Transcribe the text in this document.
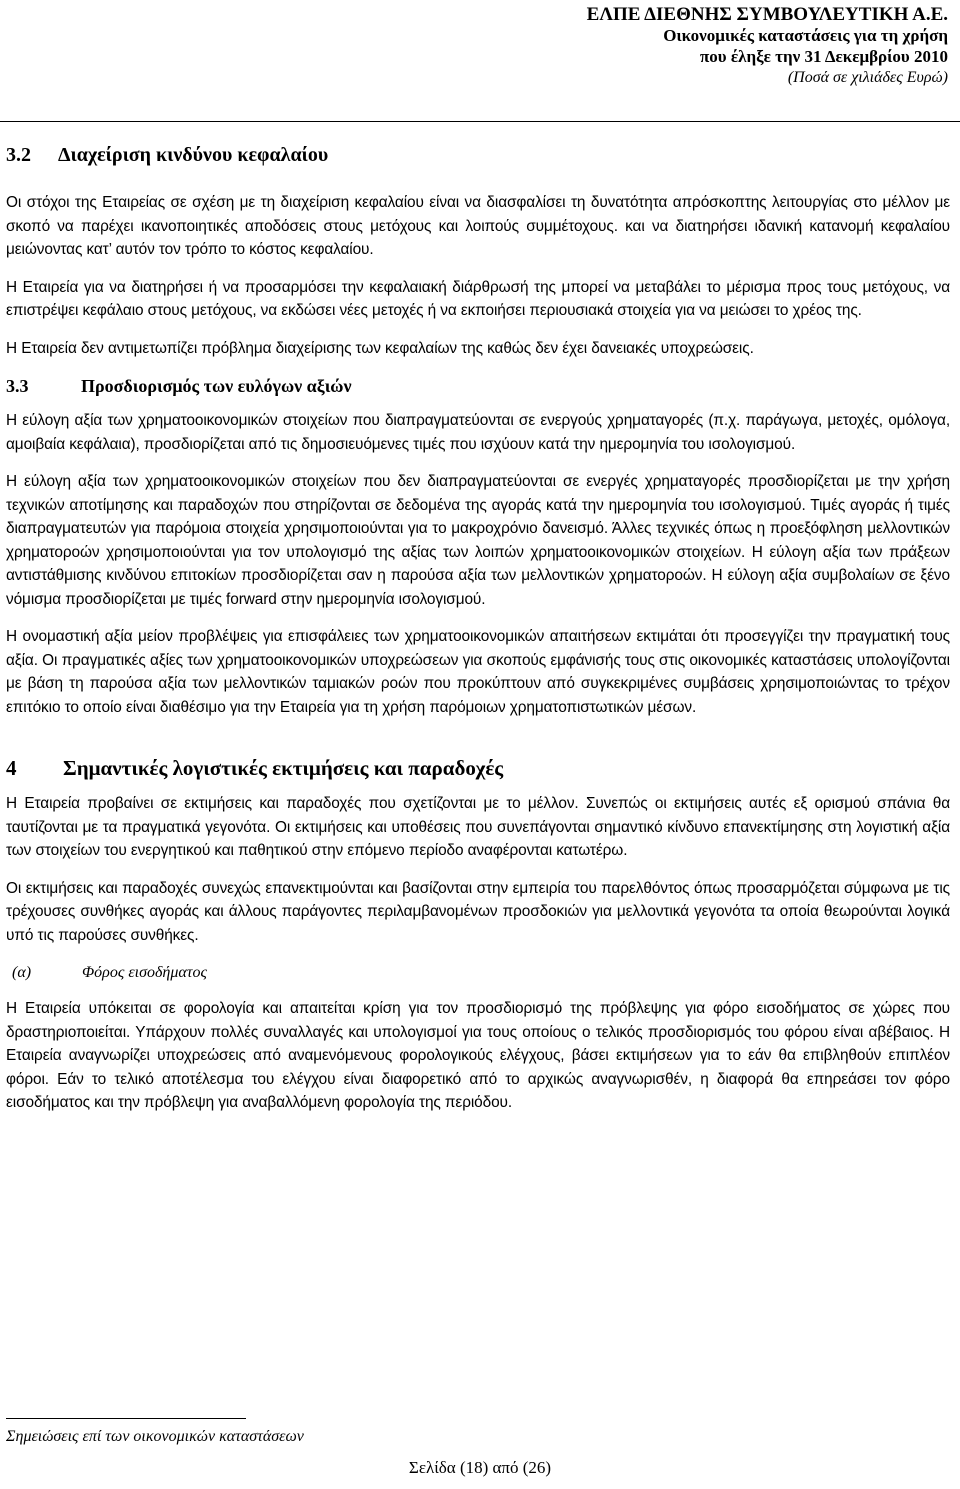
ΕΛΠΕ ΔΙΕΘΝΗΣ ΣΥΜΒΟΥΛΕΥΤΙΚΗ Α.Ε.
Οικονομικές καταστάσεις για τη χρήση
που έληξε την 31 Δεκεμβρίου 2010
(Ποσά σε χιλιάδες Ευρώ)
3.2 Διαχείριση κινδύνου κεφαλαίου

Οι στόχοι της Εταιρείας σε σχέση με τη διαχείριση κεφαλαίου είναι να διασφαλίσει τη δυνατότητα απρόσκοπτης λειτουργίας στο μέλλον με σκοπό να παρέχει ικανοποιητικές αποδόσεις στους μετόχους και λοιπούς συμμέτοχους. και να διατηρήσει ιδανική κατανομή κεφαλαίου μειώνοντας κατ’ αυτόν τον τρόπο το κόστος κεφαλαίου.

Η Εταιρεία για να διατηρήσει ή να προσαρμόσει την κεφαλαιακή διάρθρωσή της μπορεί να μεταβάλει το μέρισμα προς τους μετόχους, να επιστρέψει κεφάλαιο στους μετόχους, να εκδώσει νέες μετοχές ή να εκποιήσει περιουσιακά στοιχεία για να μειώσει το χρέος της.

Η Εταιρεία δεν αντιμετωπίζει πρόβλημα διαχείρισης των κεφαλαίων της καθώς δεν έχει δανειακές υποχρεώσεις.

3.3	Προσδιορισμός των ευλόγων αξιών

Η εύλογη αξία των χρηματοοικονομικών στοιχείων που διαπραγματεύονται σε ενεργούς χρηματαγορές (π.χ. παράγωγα, μετοχές, ομόλογα, αμοιβαία κεφάλαια), προσδιορίζεται από τις δημοσιευόμενες τιμές που ισχύουν κατά την ημερομηνία του ισολογισμού.

Η εύλογη αξία των χρηματοοικονομικών στοιχείων που δεν διαπραγματεύονται σε ενεργές χρηματαγορές προσδιορίζεται με την χρήση τεχνικών αποτίμησης και παραδοχών που στηρίζονται σε δεδομένα της αγοράς κατά την ημερομηνία του ισολογισμού. Τιμές αγοράς ή τιμές διαπραγματευτών για παρόμοια στοιχεία χρησιμοποιούνται για το μακροχρόνιο δανεισμό. Άλλες τεχνικές όπως η προεξόφληση μελλοντικών χρηματοροών χρησιμοποιούνται για τον υπολογισμό της αξίας των λοιπών χρηματοοικονομικών στοιχείων. Η εύλογη αξία των πράξεων αντιστάθμισης κινδύνου επιτοκίων προσδιορίζεται σαν η παρούσα αξία των μελλοντικών χρηματοροών. Η εύλογη αξία συμβολαίων σε ξένο νόμισμα προσδιορίζεται με τιμές forward στην ημερομηνία ισολογισμού.

Η ονομαστική αξία μείον προβλέψεις για επισφάλειες των χρηματοοικονομικών απαιτήσεων εκτιμάται ότι προσεγγίζει την πραγματική τους αξία. Οι πραγματικές αξίες των χρηματοοικονομικών υποχρεώσεων για σκοπούς εμφάνισής τους στις οικονομικές καταστάσεις υπολογίζονται με βάση τη παρούσα αξία των μελλοντικών ταμιακών ροών που προκύπτουν από συγκεκριμένες συμβάσεις χρησιμοποιώντας το τρέχον επιτόκιο το οποίο είναι διαθέσιμο για την Εταιρεία για τη χρήση παρόμοιων χρηματοπιστωτικών μέσων.

4 Σημαντικές λογιστικές εκτιμήσεις και παραδοχές

Η Εταιρεία προβαίνει σε εκτιμήσεις και παραδοχές που σχετίζονται με το μέλλον. Συνεπώς οι εκτιμήσεις αυτές εξ ορισμού σπάνια θα ταυτίζονται με τα πραγματικά γεγονότα. Οι εκτιμήσεις και υποθέσεις που συνεπάγονται σημαντικό κίνδυνο επανεκτίμησης στη λογιστική αξία των στοιχείων του ενεργητικού και παθητικού στην επόμενο περίοδο αναφέρονται κατωτέρω.

Οι εκτιμήσεις και παραδοχές συνεχώς επανεκτιμούνται και βασίζονται στην εμπειρία του παρελθόντος όπως προσαρμόζεται σύμφωνα με τις τρέχουσες συνθήκες αγοράς και άλλους παράγοντες περιλαμβανομένων προσδοκιών για μελλοντικά γεγονότα τα οποία θεωρούνται λογικά υπό τις παρούσες συνθήκες.

(α)	Φόρος εισοδήματος

Η Εταιρεία υπόκειται σε φορολογία και απαιτείται κρίση για τον προσδιορισμό της πρόβλεψης για φόρο εισοδήματος σε χώρες που δραστηριοποιείται. Υπάρχουν πολλές συναλλαγές και υπολογισμοί για τους οποίους ο τελικός προσδιορισμός του φόρου είναι αβέβαιος. Η Εταιρεία αναγνωρίζει υποχρεώσεις από αναμενόμενους φορολογικούς ελέγχους, βάσει εκτιμήσεων για το εάν θα επιβληθούν επιπλέον φόροι. Εάν το τελικό αποτέλεσμα του ελέγχου είναι διαφορετικό από το αρχικώς αναγνωρισθέν, η διαφορά θα επηρεάσει τον φόρο εισοδήματος και την πρόβλεψη για αναβαλλόμενη φορολογία της περιόδου.

Σημειώσεις επί των οικονομικών καταστάσεων
Σελίδα (18) από (26)
